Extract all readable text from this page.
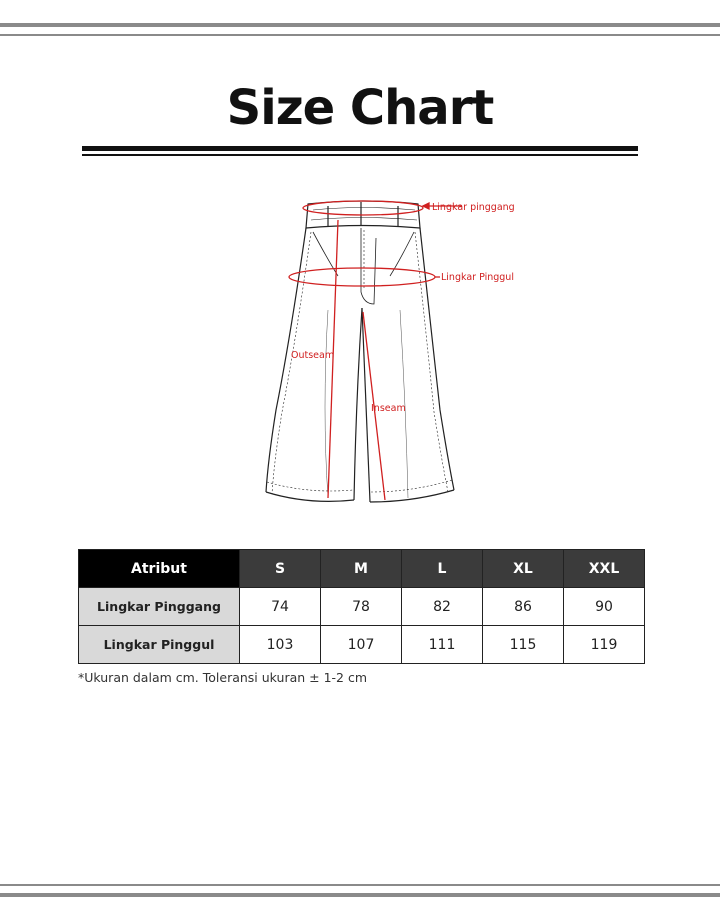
Size Chart
Lingkar pinggang
Lingkar Pinggul
Outseam
Inseam
Atribut	S	M	L	XL	XXL
Lingkar Pinggang	74	78	82	86	90
Lingkar Pinggul	103	107	111	115	119
*Ukuran dalam cm. Toleransi ukuran ± 1-2 cm
